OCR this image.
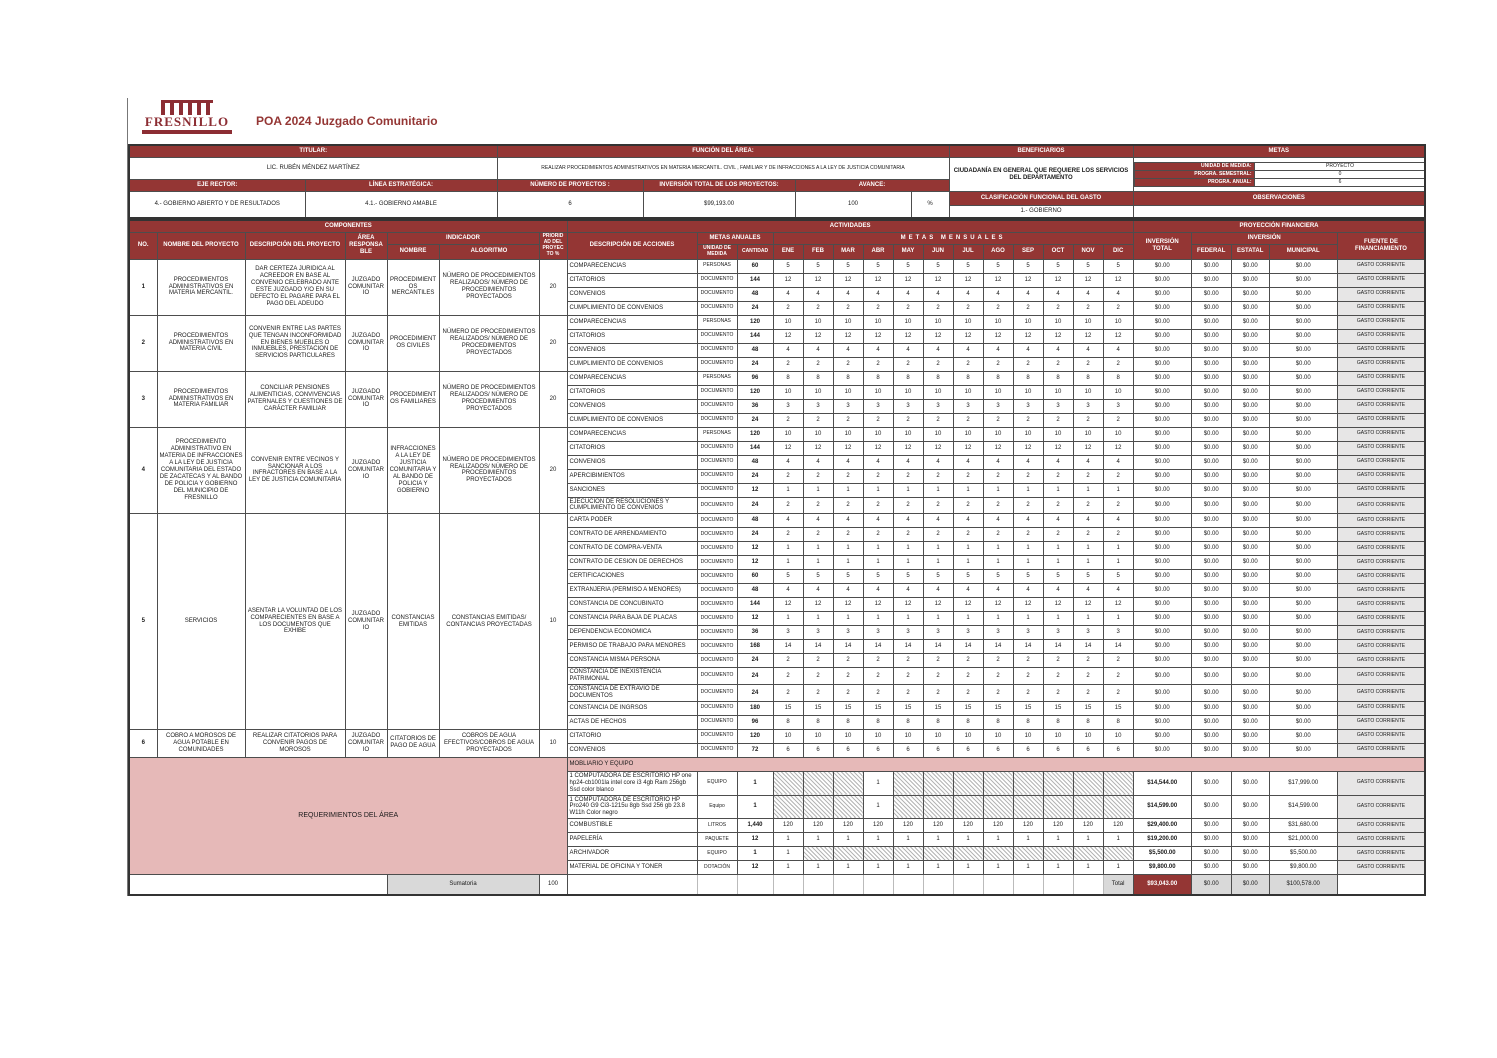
FRESNILLO POA 2024 Juzgado Comunitario
TITULAR:	FUNCIÓN DEL ÁREA:	BENEFICIARIOS	METAS
LIC. RUBÉN MÉNDEZ MARTÍNEZ	REALIZAR PROCEDIMIENTOS ADMINISTRATIVOS EN MATERIA MERCANTIL. CIVIL , FAMILIAR Y DE INFRACCIONES A LA LEY DE JUSTICIA COMUNITARIA	CIUDADANÍA EN GENERAL QUE REQUIERE LOS SERVICIOS DEL DEPARTAMENTO	
UNIDAD DE MEDIDA:	PROYECTO
PROGRA. SEMESTRAL:	0
PROGRA. ANUAL:	6

EJE RECTOR:	LÍNEA ESTRATÉGICA:	NÚMERO DE PROYECTOS :	INVERSIÓN TOTAL DE LOS PROYECTOS:	AVANCE:
4.- GOBIERNO ABIERTO Y DE RESULTADOS	4.1.- GOBIERNO AMABLE	6	$99,193.00	100	%	CLASIFICACIÓN FUNCIONAL DEL GASTO	OBSERVACIONES
1.- GOBIERNO	
COMPONENTES							ACTIVIDADES															PROYECCIÓN FINANCIERA				
NO.	NOMBRE DEL PROYECTO	DESCRIPCIÓN DEL PROYECTO	ÁREA RESPONSABLE	INDICADOR		PRIORIDAD DEL PROYECTO %	DESCRIPCIÓN DE ACCIONES	METAS ANUALES		METAS MENSUALES												INVERSIÓN TOTAL	INVERSIÓN			FUENTE DE FINANCIAMIENTO
				NOMBRE	ALGORITMO			UNIDAD DE MEDIDA	CANTIDAD	ENE	FEB	MAR	ABR	MAY	JUN	JUL	AGO	SEP	OCT	NOV	DIC		FEDERAL	ESTATAL	MUNICIPAL	
1	PROCEDIMIENTOS ADMINISTRATIVOS EN MATERIA MERCANTIL.	DAR CERTEZA JURIDICA AL ACREEDOR EN BASE AL CONVENIO CELEBRADO ANTE ESTE JUZGADO Y/O EN SU DEFECTO EL PAGARE PARA EL PAGO DEL ADEUDO	JUZGADO COMUNITARIO	PROCEDIMIENTOS MERCANTILES	NÚMERO DE PROCEDIMIENTOS REALIZADOS/ NÚMERO DE PROCEDIMIENTOS PROYECTADOS	20	COMPARECENCIAS	PERSONAS	60	5	5	5	5	5	5	5	5	5	5	5	5	$0.00	$0.00	$0.00	$0.00	GASTO CORRIENTE
							CITATORIOS	DOCUMENTO	144	12	12	12	12	12	12	12	12	12	12	12	12	$0.00	$0.00	$0.00	$0.00	GASTO CORRIENTE
							CONVENIOS	DOCUMENTO	48	4	4	4	4	4	4	4	4	4	4	4	4	$0.00	$0.00	$0.00	$0.00	GASTO CORRIENTE
							CUMPLIMIENTO DE CONVENIOS	DOCUMENTO	24	2	2	2	2	2	2	2	2	2	2	2	2	$0.00	$0.00	$0.00	$0.00	GASTO CORRIENTE
2	PROCEDIMIENTOS ADMINISTRATIVOS EN MATERIA CIVIL	CONVENIR ENTRE LAS PARTES QUE TENGAN INCONFORMIDAD EN BIENES MUEBLES O INMUEBLES, PRESTACION DE SERVICIOS PARTICULARES	JUZGADO COMUNITARIO	PROCEDIMIENTOS CIVILES	NÚMERO DE PROCEDIMIENTOS REALIZADOS/ NÚMERO DE PROCEDIMIENTOS PROYECTADOS	20	COMPARECENCIAS	PERSONAS	120	10	10	10	10	10	10	10	10	10	10	10	10	$0.00	$0.00	$0.00	$0.00	GASTO CORRIENTE
							CITATORIOS	DOCUMENTO	144	12	12	12	12	12	12	12	12	12	12	12	12	$0.00	$0.00	$0.00	$0.00	GASTO CORRIENTE
							CONVENIOS	DOCUMENTO	48	4	4	4	4	4	4	4	4	4	4	4	4	$0.00	$0.00	$0.00	$0.00	GASTO CORRIENTE
							CUMPLIMIENTO DE CONVENIOS	DOCUMENTO	24	2	2	2	2	2	2	2	2	2	2	2	2	$0.00	$0.00	$0.00	$0.00	GASTO CORRIENTE
3	PROCEDIMIENTOS ADMINISTRATIVOS EN MATERIA FAMILIAR	CONCILIAR PENSIONES ALIMENTICIAS, CONVIVENCIAS PATERNALES Y CUESTIONES DE CARÁCTER FAMILIAR	JUZGADO COMUNITARIO	PROCEDIMIENTOS FAMILIARES	NÚMERO DE PROCEDIMIENTOS REALIZADOS/ NÚMERO DE PROCEDIMIENTOS PROYECTADOS	20	COMPARECENCIAS	PERSONAS	96	8	8	8	8	8	8	8	8	8	8	8	8	$0.00	$0.00	$0.00	$0.00	GASTO CORRIENTE
							CITATORIOS	DOCUMENTO	120	10	10	10	10	10	10	10	10	10	10	10	10	$0.00	$0.00	$0.00	$0.00	GASTO CORRIENTE
							CONVENIOS	DOCUMENTO	36	3	3	3	3	3	3	3	3	3	3	3	3	$0.00	$0.00	$0.00	$0.00	GASTO CORRIENTE
							CUMPLIMIENTO DE CONVENIOS	DOCUMENTO	24	2	2	2	2	2	2	2	2	2	2	2	2	$0.00	$0.00	$0.00	$0.00	GASTO CORRIENTE
4	PROCEDIMIENTO ADMINISTRATIVO EN MATERIA DE INFRACCIONES A LA LEY DE JUSTICIA COMUNITARIA DEL ESTADO DE ZACATECAS Y AL BANDO DE POLICIA Y GOBIERNO DEL MUNICIPIO DE FRESNILLO	CONVENIR ENTRE VECINOS Y SANCIONAR A LOS INFRACTORES EN BASE A LA LEY DE JUSTICIA COMUNITARIA	JUZGADO COMUNITARIO	INFRACCIONES A LA LEY DE JUSTICIA COMUNITARIA Y AL BANDO DE POLICIA Y GOBIERNO	NÚMERO DE PROCEDIMIENTOS REALIZADOS/ NÚMERO DE PROCEDIMIENTOS PROYECTADOS	20	COMPARECENCIAS	PERSONAS	120	10	10	10	10	10	10	10	10	10	10	10	10	$0.00	$0.00	$0.00	$0.00	GASTO CORRIENTE
							CITATORIOS	DOCUMENTO	144	12	12	12	12	12	12	12	12	12	12	12	12	$0.00	$0.00	$0.00	$0.00	GASTO CORRIENTE
							CONVENIOS	DOCUMENTO	48	4	4	4	4	4	4	4	4	4	4	4	4	$0.00	$0.00	$0.00	$0.00	GASTO CORRIENTE
							APERCIBIMIENTOS	DOCUMENTO	24	2	2	2	2	2	2	2	2	2	2	2	2	$0.00	$0.00	$0.00	$0.00	GASTO CORRIENTE
							SANCIONES	DOCUMENTO	12	1	1	1	1	1	1	1	1	1	1	1	1	$0.00	$0.00	$0.00	$0.00	GASTO CORRIENTE
							EJECUCION DE RESOLUCIONES Y CUMPLIMIENTO DE CONVENIOS	DOCUMENTO	24	2	2	2	2	2	2	2	2	2	2	2	2	$0.00	$0.00	$0.00	$0.00	GASTO CORRIENTE
5	SERVICIOS	ASENTAR LA VOLUNTAD DE LOS COMPARECIENTES EN BASE A LOS DOCUMENTOS QUE EXHIBE	JUZGADO COMUNITARIO	CONSTANCIAS EMITIDAS	CONSTANCIAS EMITIDAS/ CONTANCIAS PROYECTADAS	10	CARTA PODER	DOCUMENTO	48	4	4	4	4	4	4	4	4	4	4	4	4	$0.00	$0.00	$0.00	$0.00	GASTO CORRIENTE
							CONTRATO DE ARRENDAMIENTO	DOCUMENTO	24	2	2	2	2	2	2	2	2	2	2	2	2	$0.00	$0.00	$0.00	$0.00	GASTO CORRIENTE
							CONTRATO DE COMPRA-VENTA	DOCUMENTO	12	1	1	1	1	1	1	1	1	1	1	1	1	$0.00	$0.00	$0.00	$0.00	GASTO CORRIENTE
							CONTRATO DE CESION DE DERECHOS	DOCUMENTO	12	1	1	1	1	1	1	1	1	1	1	1	1	$0.00	$0.00	$0.00	$0.00	GASTO CORRIENTE
							CERTIFICACIONES	DOCUMENTO	60	5	5	5	5	5	5	5	5	5	5	5	5	$0.00	$0.00	$0.00	$0.00	GASTO CORRIENTE
							EXTRANJERIA (PERMISO A MENORES)	DOCUMENTO	48	4	4	4	4	4	4	4	4	4	4	4	4	$0.00	$0.00	$0.00	$0.00	GASTO CORRIENTE
							CONSTANCIA DE CONCUBINATO	DOCUMENTO	144	12	12	12	12	12	12	12	12	12	12	12	12	$0.00	$0.00	$0.00	$0.00	GASTO CORRIENTE
							CONSTANCIA PARA BAJA DE PLACAS	DOCUMENTO	12	1	1	1	1	1	1	1	1	1	1	1	1	$0.00	$0.00	$0.00	$0.00	GASTO CORRIENTE
							DEPENDENCIA ECONOMICA	DOCUMENTO	36	3	3	3	3	3	3	3	3	3	3	3	3	$0.00	$0.00	$0.00	$0.00	GASTO CORRIENTE
							PERMISO DE TRABAJO PARA MENORES	DOCUMENTO	168	14	14	14	14	14	14	14	14	14	14	14	14	$0.00	$0.00	$0.00	$0.00	GASTO CORRIENTE
							CONSTANCIA MISMA PERSONA	DOCUMENTO	24	2	2	2	2	2	2	2	2	2	2	2	2	$0.00	$0.00	$0.00	$0.00	GASTO CORRIENTE
							CONSTANCIA DE INEXISTENCIA PATRIMONIAL	DOCUMENTO	24	2	2	2	2	2	2	2	2	2	2	2	2	$0.00	$0.00	$0.00	$0.00	GASTO CORRIENTE
							CONSTANCIA DE EXTRAVIO DE DOCUMENTOS	DOCUMENTO	24	2	2	2	2	2	2	2	2	2	2	2	2	$0.00	$0.00	$0.00	$0.00	GASTO CORRIENTE
							CONSTANCIA DE INGRSOS	DOCUMENTO	180	15	15	15	15	15	15	15	15	15	15	15	15	$0.00	$0.00	$0.00	$0.00	GASTO CORRIENTE
							ACTAS DE HECHOS	DOCUMENTO	96	8	8	8	8	8	8	8	8	8	8	8	8	$0.00	$0.00	$0.00	$0.00	GASTO CORRIENTE
6	COBRO A MOROSOS DE AGUA POTABLE EN COMUNIDADES	REALIZAR CITATORIOS PARA CONVENIR PAGOS DE MOROSOS	JUZGADO COMUNITARIO	CITATORIOS DE PAGO DE AGUA	COBROS DE AGUA EFECTIVOS/COBROS DE AGUA PROYECTADOS	10	CITATORIO	DOCUMENTO	120	10	10	10	10	10	10	10	10	10	10	10	10	$0.00	$0.00	$0.00	$0.00	GASTO CORRIENTE
							CONVENIOS	DOCUMENTO	72	6	6	6	6	6	6	6	6	6	6	6	6	$0.00	$0.00	$0.00	$0.00	GASTO CORRIENTE
REQUERIMIENTOS DEL ÁREA							MOBLIARIO Y EQUIPO																			
							1 COMPUTADORA DE ESCRITORIO HP one hp24-cb1001la intel core i3 4gb Ram 256gb Ssd color blanco	EQUIPO	1				1									$14,544.00	$0.00	$0.00	$17,999.00	GASTO CORRIENTE
							1 COMPUTADORA DE ESCRITORIO HP Pro240 G9 Ci3-1215u 8gb Ssd 256 gb 23.8 W11h Color negro	Equipo	1				1									$14,599.00	$0.00	$0.00	$14,599.00	GASTO CORRIENTE
							COMBUSTIBLE	LITROS	1,440	120	120	120	120	120	120	120	120	120	120	120	120	$29,400.00	$0.00	$0.00	$31,680.00	GASTO CORRIENTE
							PAPELERÍA	PAQUETE	12	1	1	1	1	1	1	1	1	1	1	1	1	$19,200.00	$0.00	$0.00	$21,000.00	GASTO CORRIENTE
							ARCHIVADOR	EQUIPO	1	1												$5,500.00	$0.00	$0.00	$5,500.00	GASTO CORRIENTE
							MATERIAL DE OFICINA Y TONER	DOTACIÓN	12	1	1	1	1	1	1	1	1	1	1	1	1	$9,800.00	$0.00	$0.00	$9,800.00	GASTO CORRIENTE
				Sumatoria		100															Total	$93,043.00	$0.00	$0.00	$100,578.00	
